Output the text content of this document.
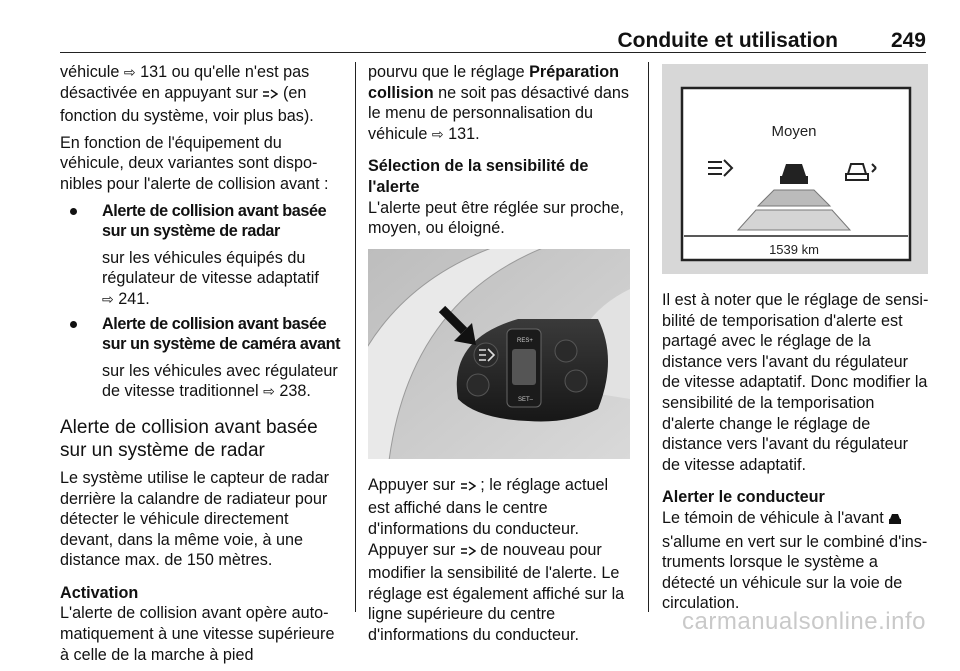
Conduite et utilisation	249

véhicule ⇨ 131 ou qu'elle n'est pas désactivée en appuyant sur  (en fonction du système, voir plus bas).

En fonction de l'équipement du véhicule, deux variantes sont disponibles pour l'alerte de collision avant :

Alerte de collision avant basée sur un système de radar
sur les véhicules équipés du régulateur de vitesse adaptatif
⇨ 241.
Alerte de collision avant basée sur un système de caméra avant
sur les véhicules avec régulateur de vitesse traditionnel ⇨ 238.
Alerte de collision avant basée sur un système de radar

Le système utilise le capteur de radar derrière la calandre de radiateur pour détecter le véhicule directement devant, dans la même voie, à une distance max. de 150 mètres.

Activation

L'alerte de collision avant opère automatiquement à une vitesse supérieure à celle de la marche à pied

pourvu que le réglage Préparation collision ne soit pas désactivé dans le menu de personnalisation du véhicule ⇨ 131.

Sélection de la sensibilité de l'alerte

L'alerte peut être réglée sur proche, moyen, ou éloigné.

RES+
SET–

Appuyer sur  ; le réglage actuel est affiché dans le centre d'informations du conducteur. Appuyer sur  de nouveau pour modifier la sensibilité de l'alerte. Le réglage est également affiché sur la ligne supérieure du centre d'informations du conducteur.

Moyen
1539 km

Il est à noter que le réglage de sensibilité de temporisation d'alerte est partagé avec le réglage de la distance vers l'avant du régulateur de vitesse adaptatif. Donc modifier la sensibilité de la temporisation d'alerte change le réglage de distance vers l'avant du régulateur de vitesse adaptatif.

Alerter le conducteur

Le témoin de véhicule à l'avant  s'allume en vert sur le combiné d'instruments lorsque le système a détecté un véhicule sur la voie de circulation.

carmanualsonline.info
